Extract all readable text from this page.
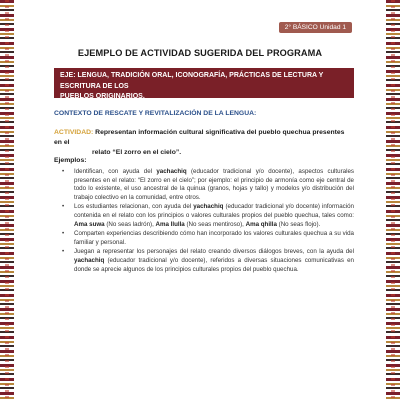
2° BÁSICO Unidad 1
EJEMPLO DE ACTIVIDAD SUGERIDA DEL PROGRAMA
EJE: LENGUA, TRADICIÓN ORAL, ICONOGRAFÍA, PRÁCTICAS DE LECTURA Y ESCRITURA DE LOS
PUEBLOS ORIGINARIOS.
CONTEXTO DE RESCATE Y REVITALIZACIÓN DE LA LENGUA:
ACTIVIDAD: Representan información cultural significativa del pueblo quechua presentes en el
relato “El zorro en el cielo”.
Ejemplos:
• Identifican, con ayuda del yachachiq (educador tradicional y/o docente), aspectos culturales presentes en el relato: “El zorro en el cielo”; por ejemplo: el principio de armonía como eje central de todo lo existente, el uso ancestral de la quinua (granos, hojas y tallo) y modelos y/o distribución del trabajo colectivo en la comunidad, entre otros.
• Los estudiantes relacionan, con ayuda del yachachiq (educador tradicional y/o docente) información contenida en el relato con los principios o valores culturales propios del pueblo quechua, tales como: Ama suwa (No seas ladrón), Ama llulla (No seas mentiroso), Ama qhilla (No seas flojo).
• Comparten experiencias describiendo cómo han incorporado los valores culturales quechua a su vida familiar y personal.
• Juegan a representar los personajes del relato creando diversos diálogos breves, con la ayuda del yachachiq (educador tradicional y/o docente), referidos a diversas situaciones comunicativas en donde se aprecie algunos de los principios culturales propios del pueblo quechua.
